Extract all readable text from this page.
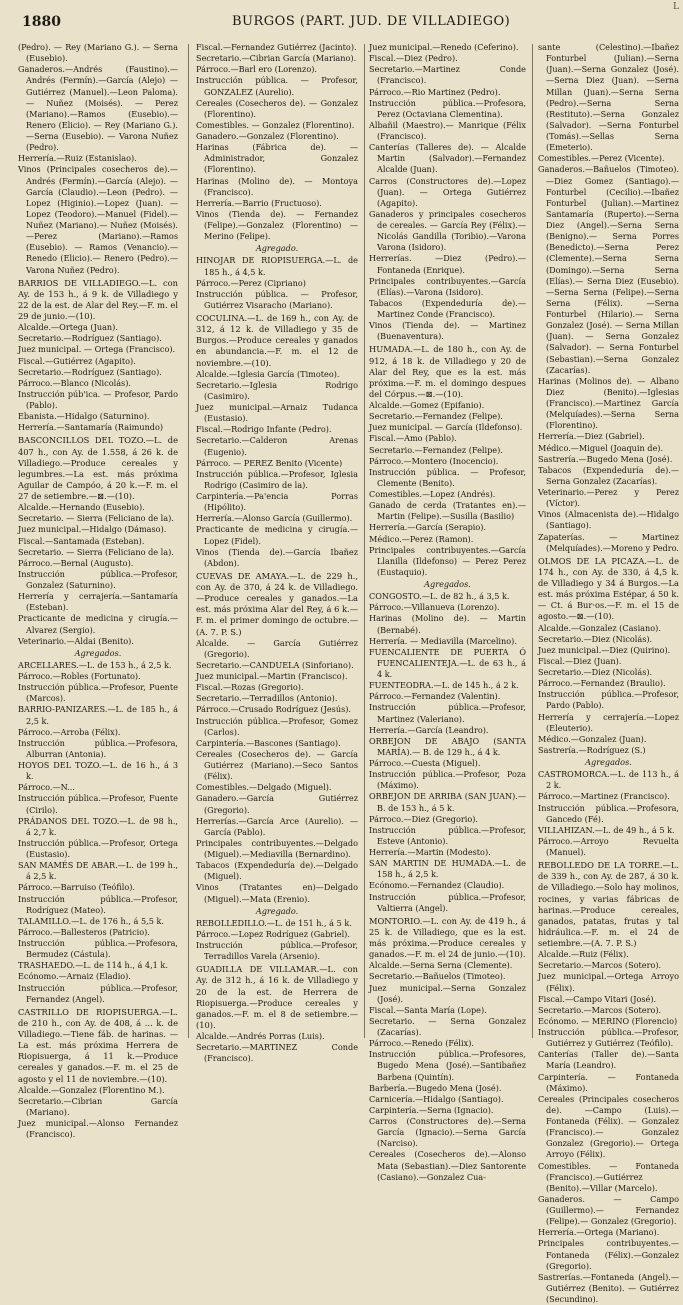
1880	BURGOS (PART. JUD. DE VILLADIEGO)
L

(Pedro). — Rey (Mariano G.). — Serna (Eusebio).

Ganaderos.—Andrés (Faustino).— Andrés (Fermín).—García (Alejo) —Gutiérrez (Manuel).—Leon Paloma).— Nuñez (Moisés). — Perez (Mariano).—Ramos (Eusebio).— Renero (Elicio). — Rey (Mariano G.).—Serna (Eusebio). — Varona Nuñez (Pedro).

Herrería.—Ruiz (Estanislao).

Vinos (Principales cosecheros de).— Andrés (Fermín).—García (Alejo). —García (Claudio).—Leon (Pedro). —Lopez (Higinio).—Lopez (Juan). —Lopez (Teodoro).—Manuel (Fidel).—Nuñez (Mariano).— Nuñez (Moisés).—Perez (Mariano).—Ramos (Eusebio). — Ramos (Venancio).— Renedo (Elicio).— Renero (Pedro).—Varona Nuñez (Pedro).

BARRIOS DE VILLADIEGO.—L. con Ay. de 153 h., á 9 k. de Villadiego y 22 de la est. de Alar del Rey.—F. m. el 29 de junio.—(10).

Alcalde.—Ortega (Juan).

Secretario.—Rodríguez (Santiago).

Juez municipal. — Ortega (Francisco).

Fiscal.—Gutiérrez (Agapito).

Secretario.—Rodríguez (Santiago).

Párroco.—Blanco (Nicolás).

Instrucción púb'ica. — Profesor, Pardo (Pablo).

Ebanista.—Hidalgo (Saturnino).

Herrería.—Santamaría (Raimundo)

BASCONCILLOS DEL TOZO.—L. de 407 h., con Ay. de 1.558, á 26 k. de Villadiego.—Produce cereales y legumbres.—La est. más próxima Aguilar de Campóo, á 20 k.—F. m. el 27 de setiembre.—⊠.—(10).

Alcalde.—Hernando (Eusebio).

Secretario. — Sierra (Feliciano de la).

Juez municipal.—Hidalgo (Dámaso).

Fiscal.—Santamada (Esteban).

Secretario. — Sierra (Feliciano de la).

Párroco.—Bernal (Augusto).

Instrucción pública.—Profesor, Gonzalez (Saturnino).

Herrería y cerrajería.—Santamaría (Esteban).

Practicante de medicina y cirugía.—Alvarez (Sergio).

Veterinario.—Aldai (Benito).

Agregados.

ARCELLARES.—L. de 153 h., á 2,5 k.

Párroco.—Robles (Fortunato).

Instrucción pública.—Profesor, Puente (Marcos).

BARRIO-PANIZARES.—L. de 185 h., á 2,5 k.

Párroco.—Arroba (Félix).

Instrucción pública.—Profesora, Alburran (Antonia).

HOYOS DEL TOZO.—L. de 16 h., á 3 k.

Párroco.—N...

Instrucción pública.—Profesor, Fuente (Cirilo).

PRÁDANOS DEL TOZO.—L. de 98 h., á 2,7 k.

Instrucción pública.—Profesor, Ortega (Eustasio).

SAN MAMÉS DE ABAR.—L. de 199 h., á 2,5 k.

Párroco.—Barruiso (Teófilo).

Instrucción pública.—Profesor, Rodríguez (Mateo).

TALAMILLO.—L. de 176 h., á 5,5 k.

Párroco.—Ballesteros (Patricio).

Instrucción pública.—Profesora, Bermudez (Cástula).

TRASHAEDO.—L. de 114 h., á 4,1 k.

Ecónomo.—Arnaiz (Eladio).

Instrucción pública.—Profesor, Fernandez (Angel).

CASTRILLO DE RIOPISUERGA.—L. de 210 h., con Ay. de 408, á ... k. de Villadiego.—Tiene fáb. de harinas. —La est. más próxima Herrera de Riopisuerga, á 11 k.—Produce cereales y ganados.—F. m. el 25 de agosto y el 11 de noviembre.—(10).

Alcalde.—Gonzalez (Florentino M.).

Secretario.—Cibrian García (Mariano).

Juez municipal.—Alonso Fernandez (Francisco).

Fiscal.—Fernandez Gutiérrez (Jacinto).

Secretario.—Cibrian García (Mariano).

Párroco.—Barl ero (Lorenzo).

Instrucción pública. — Profesor, GONZALEZ (Aurelio).

Cereales (Cosecheros de). — Gonzalez (Florentino).

Comestibles. — Gonzalez (Florentino).

Ganadero.—Gonzalez (Florentino).

Harinas (Fábrica de). — Administrador, Gonzalez (Florentino).

Harinas (Molino de). — Montoya (Francisco).

Herrería.—Barrio (Fructuoso).

Vinos (Tienda de). — Fernandez (Felipe).—Gonzalez (Florentino) —Merino (Felipe).

Agregado.

HINOJAR DE RIOPISUERGA.—L. de 185 h., á 4,5 k.

Párroco.—Perez (Cipriano)

Instrucción pública. — Profesor, Gutiérrez Visaracho (Mariano).

COCULINA.—L. de 169 h., con Ay. de 312, á 12 k. de Villadiego y 35 de Burgos.—Produce cereales y ganados en abundancia.—F. m. el 12 de noviembre.—(10).

Alcalde.—Iglesia García (Timoteo).

Secretario.—Iglesia Rodrigo (Casimiro).

Juez municipal.—Arnaiz Tudanca (Eustasio).

Fiscal.—Rodrigo Infante (Pedro).

Secretario.—Calderon Arenas (Eugenio).

Párroco. — PEREZ Benito (Vicente)

Instrucción pública.—Profesor, Iglesia Rodrigo (Casimiro de la).

Carpintería.—Pa'encia Porras (Hipólito).

Herrería.—Alonso García (Guillermo).

Practicante de medicina y cirugía.—Lopez (Fidel).

Vinos (Tienda de).—García Ibañez (Abdon).

CUEVAS DE AMAYA.—L. de 229 h., con Ay. de 370, á 24 k. de Villadiego.—Produce cereales y ganados.—La est. más próxima Alar del Rey, á 6 k.—F. m. el primer domingo de octubre.—(A. 7. P. S.)

Alcalde. — García Gutiérrez (Gregorio).

Secretario.—CANDUELA (Sinforiano).

Juez municipal.—Martin (Francisco).

Fiscal.—Rozas (Gregorio).

Secretario.—Terradillos (Antonio).

Párroco.—Crusado Rodríguez (Jesús).

Instrucción pública.—Profesor, Gomez (Carlos).

Carpintería.—Bascones (Santiago).

Cereales (Cosecheros de). — García Gutiérrez (Mariano).—Seco Santos (Félix).

Comestibles.—Delgado (Miguel).

Ganadero.—García Gutiérrez (Gregorio).

Herrerías.—García Arce (Aurelio). —García (Pablo).

Principales contribuyentes.—Delgado (Miguel).—Mediavilla (Bernardino).

Tabacos (Expendeduría de).—Delgado (Miguel).

Vinos (Tratantes en)—Delgado (Miguel).—Mata (Erenio).

Agregado.

REBOLLEDILLO.—L. de 151 h., á 5 k.

Párroco.—Lopez Rodríguez (Gabriel).

Instrucción pública.—Profesor, Terradillos Varela (Arsenio).

GUADILLA DE VILLAMAR.—L. con Ay. de 312 h., á 16 k. de Villadiego y 20 de la est. de Herrera de Riopisuerga.—Produce cereales y ganados.—F. m. el 8 de setiembre.—(10).

Alcalde.—Andrés Porras (Luis).

Secretario.—MARTINEZ Conde (Francisco).

Juez municipal.—Renedo (Ceferino).

Fiscal.—Diez (Pedro).

Secretario.—Martinez Conde (Francisco).

Párroco.—Rio Martinez (Pedro).

Instrucción pública.—Profesora, Perez (Octaviana Clementina).

Albañil (Maestro).— Manrique (Félix (Francisco).

Canterías (Talleres de). — Alcalde Martin (Salvador).—Fernandez Alcalde (Juan).

Carros (Constructores de).—Lopez (Juan). — Ortega Gutiérrez (Agapito).

Ganaderos y principales cosecheros de cereales. — García Rey (Félix).—Nicolás Gandilla (Toribio).—Varona Varona (Isidoro).

Herrerías. —Diez (Pedro).— Fontaneda (Enrique).

Principales contribuyentes.—García (Elías).—Varona (Isidoro).

Tabacos (Expendeduría de).—Martinez Conde (Francisco).

Vinos (Tienda de). — Martinez (Buenaventura).

HUMADA.—L. de 180 h., con Ay. de 912, á 18 k. de Villadiego y 20 de Alar del Rey, que es la est. más próxima.—F. m. el domingo despues del Córpus.—⊠.—(10).

Alcalde.—Gomez (Epifanio).

Secretario.—Fernandez (Felipe).

Juez municipal. — García (Ildefonso).

Fiscal.—Amo (Pablo).

Secretario.—Fernandez (Felipe).

Párroco.—Montero (Inocencio).

Instrucción pública. — Profesor, Clemente (Benito).

Comestibles.—Lopez (Andrés).

Ganado de cerda (Tratantes en).— Martin (Felipe).—Susilla (Basilio)

Herrería.—García (Serapio).

Médico.—Perez (Ramon).

Principales contribuyentes.—García Llanilla (Ildefonso) — Perez Perez (Eustaquio).

Agregados.

CONGOSTO.—L. de 82 h., á 3,5 k.

Párroco.—Villanueva (Lorenzo).

Harinas (Molino de). — Martin (Bernabé).

Herrería. — Mediavilla (Marcelino).

FUENCALIENTE DE PUERTA Ó FUENCALIENTEJA.—L. de 63 h., á 4 k.

FUENTEODRA.—L. de 145 h., á 2 k.

Párroco.—Fernandez (Valentin).

Instrucción pública.—Profesor, Martinez (Valeriano).

Herrería.—García (Leandro).

ORBEJON DE ABAJO (SANTA MARÍA).— B. de 129 h., á 4 k.

Párroco.—Cuesta (Miguel).

Instrucción pública.—Profesor, Poza (Máximo).

ORBEJON DE ARRIBA (SAN JUAN).— B. de 153 h., á 5 k.

Párroco.—Diez (Gregorio).

Instrucción pública.—Profesor, Esteve (Antonio).

Herrería.—Martin (Modesto).

SAN MARTIN DE HUMADA.—L. de 158 h., á 2,5 k.

Ecónomo.—Fernandez (Claudio).

Instrucción pública.—Profesor, Valtierra (Angel).

MONTORIO.—L. con Ay. de 419 h., á 25 k. de Villadiego, que es la est. más próxima.—Produce cereales y ganados.—F. m. el 24 de junio.—(10).

Alcalde.—Serna Serna (Clemente).

Secretario.—Bañuelos (Timoteo).

Juez municipal.—Serna Gonzalez (José).

Fiscal.—Santa María (Lope).

Secretario. — Serna Gonzalez (Zacarías).

Párroco.—Renedo (Félix).

Instrucción pública.—Profesores, Bugedo Mena (José).—Santibañez Barbena (Quintín).

Barbería.—Bugedo Mena (José).

Carnicería.—Hidalgo (Santiago).

Carpintería.—Serna (Ignacio).

Carros (Constructores de).—Serna García (Ignacio).—Serna García (Narciso).

Cereales (Cosecheros de).—Alonso Mata (Sebastian).—Diez Santorente (Casiano).—Gonzalez Cua-

sante (Celestino).—Ibañez Fonturbel (Julian).—Serna (Juan).—Serna Gonzalez (José).—Serna Diez (Juan). —Serna Millan (Juan).—Serna Serna (Pedro).—Serna Serna (Restituto).—Serna Gonzalez (Salvador). —Serna Fonturbel (Tomás).—Sellas Serna (Emeterio).

Comestibles.—Perez (Vicente).

Ganaderos.—Bañuelos (Timoteo). —Diez Gomez (Santiago).—Fonturbel (Cecilio).—Ibañez Fonturbel (Julian).—Martinez Santamaría (Ruperto).—Serna Diez (Angel).—Serna Serna (Benigno).— Serna Porres (Benedicto).—Serna Perez (Clemente).—Serna Serna (Domingo).—Serna Serna (Elías).— Serna Diez (Eusebio).—Serna Serna (Felipe).—Serna Serna (Félix). —Serna Fonturbel (Hilario).— Serna Gonzalez (José). — Serna Millan (Juan). — Serna Gonzalez (Salvador). — Serna Fonturbel (Sebastian).—Serna Gonzalez (Zacarías).

Harinas (Molinos de). — Albano Diez (Benito).—Iglesias (Francisco).—Martinez García (Melquíades).—Serna Serna (Florentino).

Herrería.—Diez (Gabriel).

Médico.—Miguel (Joaquin de).

Sastrería.—Bugedo Mena (José).

Tabacos (Expendeduría de).—Serna Gonzalez (Zacarías).

Veterinario.—Perez y Perez (Víctor).

Vinos (Almacenista de).—Hidalgo (Santiago).

Zapaterías. — Martinez (Melquíades).—Moreno y Pedro.

OLMOS DE LA PICAZA.—L. de 174 h., con Ay. de 330, á 4,5 k. de Villadiego y 34 á Burgos.—La est. más próxima Estépar, á 50 k.— Ct. á Bur·os.—F. m. el 15 de agosto.—⊠.—(10).

Alcalde.—Gonzalez (Casiano).

Secretario.—Diez (Nicolás).

Juez municipal.—Diez (Quirino).

Fiscal.—Diez (Juan).

Secretario.—Diez (Nicolás).

Párroco.—Fernandez (Braulio).

Instrucción pública.—Profesor, Pardo (Pablo).

Herrería y cerrajería.—Lopez (Eleuterio).

Médico.—Gonzalez (Juan).

Sastrería.—Rodríguez (S.)

Agregados.

CASTROMORCA.—L. de 113 h., á 2 k.

Párroco.—Martinez (Francisco).

Instrucción pública.—Profesora, Gancedo (Fé).

VILLAHIZAN.—L. de 49 h., á 5 k.

Párroco.—Arroyo Revuelta (Manuel).

REBOLLEDO DE LA TORRE.—L. de 339 h., con Ay. de 287, á 30 k. de Villadiego.—Solo hay molinos, rocines, y varias fábricas de harinas.—Produce cereales, ganados, patatas, frutas y tal hidráulica.—F. m. el 24 de setiembre.—(A. 7. P. S.)

Alcalde.—Ruiz (Félix).

Secretario.—Marcos (Sotero).

Juez municipal.—Ortega Arroyo (Félix).

Fiscal.—Campo Vitari (José).

Secretario.—Marcos (Sotero).

Ecónomo. — MERINO (Florencio)

Instrucción pública.—Profesor, Gutiérrez y Gutiérrez (Teófilo).

Canterías (Taller de).—Santa María (Leandro).

Carpintería. — Fontaneda (Máximo).

Cereales (Principales cosecheros de). —Campo (Luis).—Fontaneda (Félix). — Gonzalez (Francisco).— Gonzalez Gonzalez (Gregorio).— Ortega Arroyo (Félix).

Comestibles. — Fontaneda (Francisco).—Gutiérrez (Benito).—Villar (Marcelo).

Ganaderos. — Campo (Guillermo).— Fernandez (Felipe).— Gonzalez (Gregorio).

Herrería.—Ortega (Mariano).

Principales contribuyentes.—Fontaneda (Félix).—Gonzalez (Gregorio).

Sastrerías.—Fontaneda (Angel).— Gutiérrez (Benito). — Gutiérrez (Secundino).
